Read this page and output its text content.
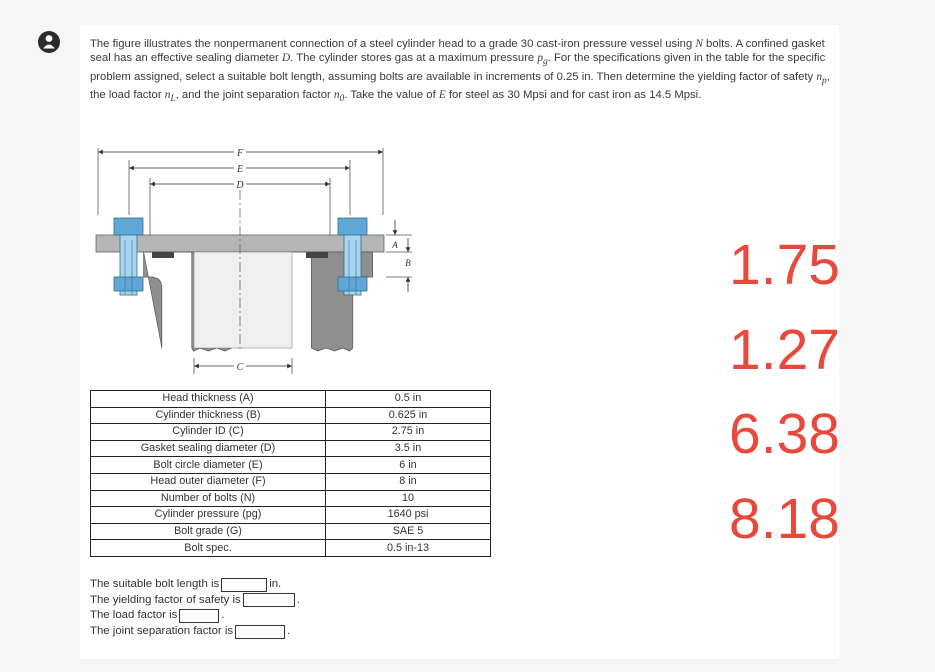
The figure illustrates the nonpermanent connection of a steel cylinder head to a grade 30 cast-iron pressure vessel using N bolts. A confined gasket seal has an effective sealing diameter D. The cylinder stores gas at a maximum pressure $p_g$. For the specifications given in the table for the specific problem assigned, select a suitable bolt length, assuming bolts are available in increments of 0.25 in. Then determine the yielding factor of safety $n_p$, the load factor $n_L$, and the joint separation factor $n_0$. Take the value of E for steel as 30 Mpsi and for cast iron as 14.5 Mpsi.

F
E
D
A
B
C
Head thickness (A)	0.5 in
Cylinder thickness (B)	0.625 in
Cylinder ID (C)	2.75 in
Gasket sealing diameter (D)	3.5 in
Bolt circle diameter (E)	6 in
Head outer diameter (F)	8 in
Number of bolts (N)	10
Cylinder pressure (pg)	1640 psi
Bolt grade (G)	SAE 5
Bolt spec.	0.5 in-13
The suitable bolt length is	in.
The yielding factor of safety is	.
The load factor is	.
The joint separation factor is	.
1.75
1.27
6.38
8.18
